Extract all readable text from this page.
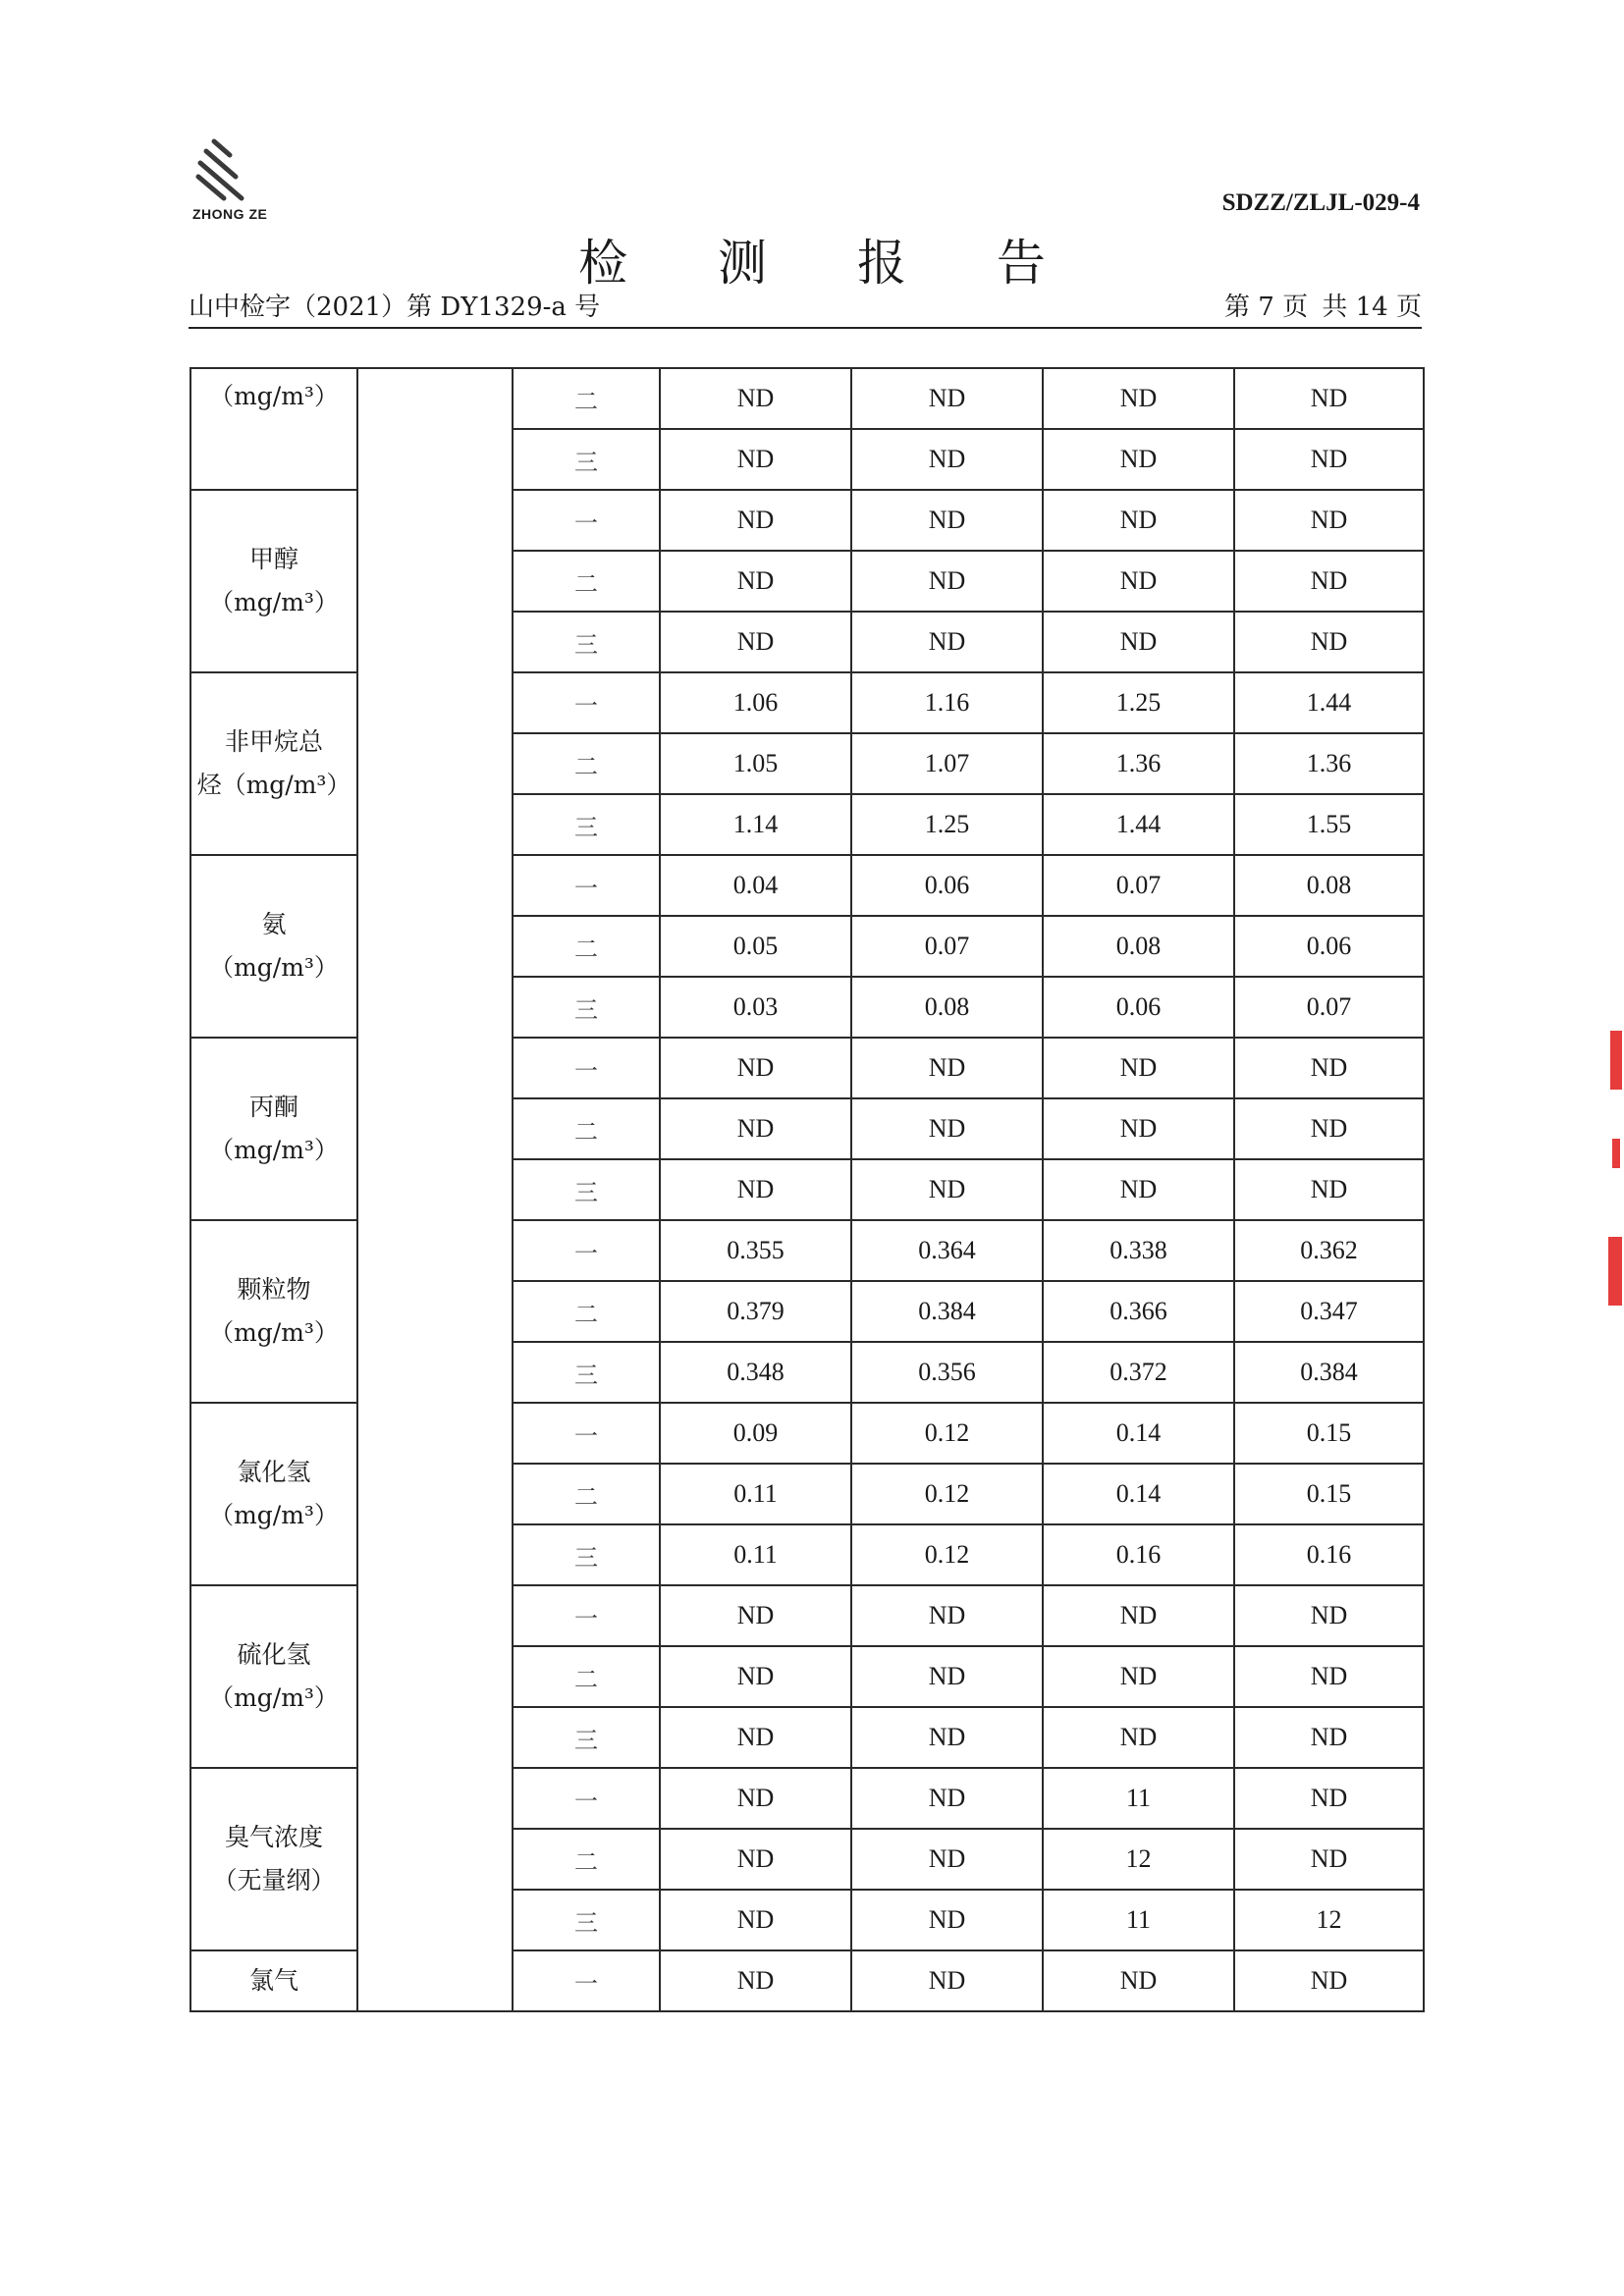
ZHONG ZE	SDZZ/ZLJL-029-4
检 测 报 告
山中检字（2021）第 DY1329-a 号	第 7 页 共 14 页
（mg/m³）		二	ND	ND	ND	ND
		三	ND	ND	ND	ND

甲醇
（mg/m³）		一	ND	ND	ND	ND
		二	ND	ND	ND	ND
		三	ND	ND	ND	ND

非甲烷总
烃（mg/m³）		一	1.06	1.16	1.25	1.44
		二	1.05	1.07	1.36	1.36
		三	1.14	1.25	1.44	1.55

氨
（mg/m³）		一	0.04	0.06	0.07	0.08
		二	0.05	0.07	0.08	0.06
		三	0.03	0.08	0.06	0.07

丙酮
（mg/m³）		一	ND	ND	ND	ND
		二	ND	ND	ND	ND
		三	ND	ND	ND	ND

颗粒物
（mg/m³）		一	0.355	0.364	0.338	0.362
		二	0.379	0.384	0.366	0.347
		三	0.348	0.356	0.372	0.384

氯化氢
（mg/m³）		一	0.09	0.12	0.14	0.15
		二	0.11	0.12	0.14	0.15
		三	0.11	0.12	0.16	0.16

硫化氢
（mg/m³）		一	ND	ND	ND	ND
		二	ND	ND	ND	ND
		三	ND	ND	ND	ND

臭气浓度
（无量纲）		一	ND	ND	11	ND
		二	ND	ND	12	ND
		三	ND	ND	11	12

氯气		一	ND	ND	ND	ND
